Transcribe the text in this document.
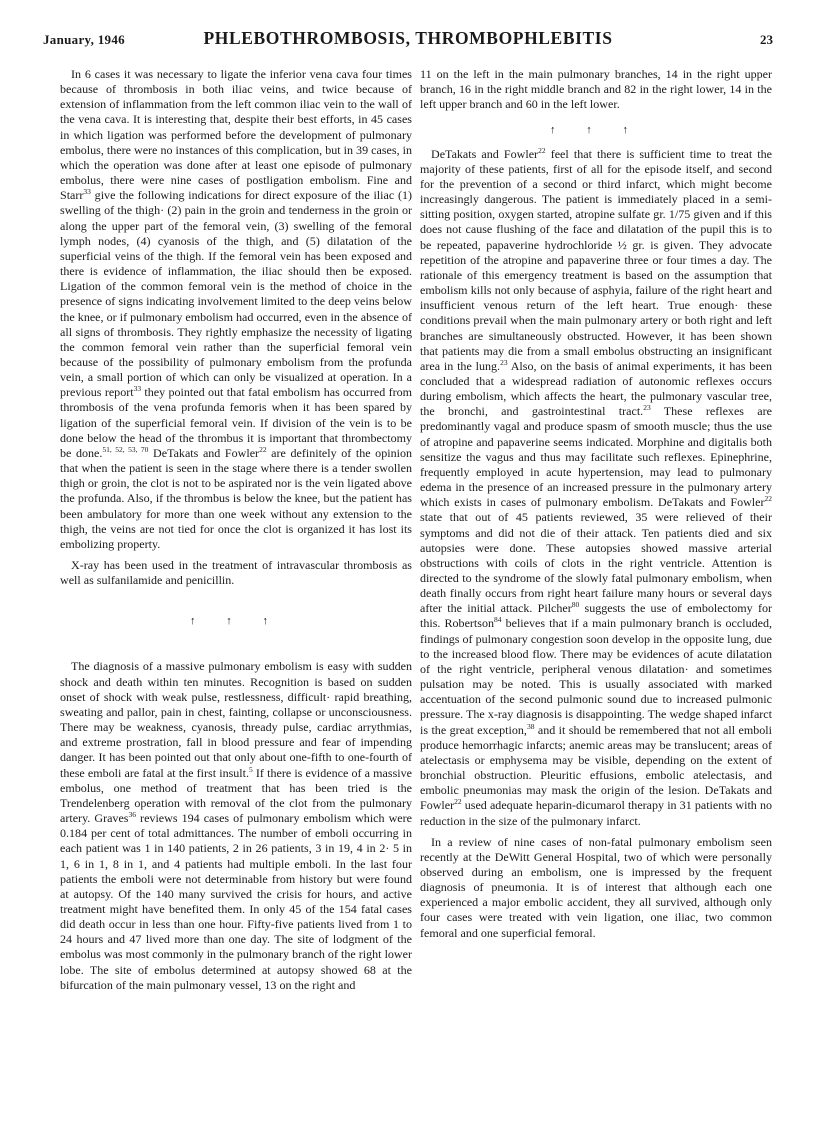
January, 1946	PHLEBOTHROMBOSIS, THROMBOPHLEBITIS	23

In 6 cases it was necessary to ligate the inferior vena cava four times because of thrombosis in both iliac veins, and twice because of extension of inflammation from the left common iliac vein to the wall of the vena cava. It is interesting that, despite their best efforts, in 45 cases in which ligation was performed before the development of pulmonary embolus, there were no instances of this complication, but in 39 cases, in which the operation was done after at least one episode of pulmonary embolus, there were nine cases of postligation embolism. Fine and Starr$^{33}$ give the following indications for direct exposure of the iliac (1) swelling of the thigh· (2) pain in the groin and tenderness in the groin or along the upper part of the femoral vein, (3) swelling of the femoral lymph nodes, (4) cyanosis of the thigh, and (5) dilatation of the superficial veins of the thigh. If the femoral vein has been exposed and there is evidence of inflammation, the iliac should then be exposed. Ligation of the common femoral vein is the method of choice in the presence of signs indicating involvement limited to the deep veins below the knee, or if pulmonary embolism had occurred, even in the absence of all signs of thrombosis. They rightly emphasize the necessity of ligating the common femoral vein rather than the superficial femoral vein because of the possibility of pulmonary embolism from the profunda vein, a small portion of which can only be visualized at operation. In a previous report$^{33}$ they pointed out that fatal embolism has occurred from thrombosis of the vena profunda femoris when it has been spared by ligation of the superficial femoral vein. If division of the vein is to be done below the head of the thrombus it is important that thrombectomy be done.$^{51, 52, 53, 70}$ DeTakats and Fowler$^{22}$ are definitely of the opinion that when the patient is seen in the stage where there is a tender swollen thigh or groin, the clot is not to be aspirated nor is the vein ligated above the profunda. Also, if the thrombus is below the knee, but the patient has been ambulatory for more than one week without any extension to the thigh, the veins are not tied for once the clot is organized it has lost its embolizing property.

X-ray has been used in the treatment of intravascular thrombosis as well as sulfanilamide and penicillin.

↑ ↑ ↑

The diagnosis of a massive pulmonary embolism is easy with sudden shock and death within ten minutes. Recognition is based on sudden onset of shock with weak pulse, restlessness, difficult· rapid breathing, sweating and pallor, pain in chest, fainting, collapse or unconsciousness. There may be weakness, cyanosis, thready pulse, cardiac arrythmias, and extreme prostration, fall in blood pressure and fear of impending danger. It has been pointed out that only about one-fifth to one-fourth of these emboli are fatal at the first insult.$^5$ If there is evidence of a massive embolus, one method of treatment that has been tried is the Trendelenberg operation with removal of the clot from the pulmonary artery. Graves$^{36}$ reviews 194 cases of pulmonary embolism which were 0.184 per cent of total admittances. The number of emboli occurring in each patient was 1 in 140 patients, 2 in 26 patients, 3 in 19, 4 in 2· 5 in 1, 6 in 1, 8 in 1, and 4 patients had multiple emboli. In the last four patients the emboli were not determinable from history but were found at autopsy. Of the 140 many survived the crisis for hours, and active treatment might have benefited them. In only 45 of the 154 fatal cases did death occur in less than one hour. Fifty-five patients lived from 1 to 24 hours and 47 lived more than one day. The site of lodgment of the embolus was most commonly in the pulmonary branch of the right lower lobe. The site of embolus determined at autopsy showed 68 at the bifurcation of the main pulmonary vessel, 13 on the right and

11 on the left in the main pulmonary branches, 14 in the right upper branch, 16 in the right middle branch and 82 in the right lower, 14 in the left upper branch and 60 in the left lower.

↑ ↑ ↑

DeTakats and Fowler$^{22}$ feel that there is sufficient time to treat the majority of these patients, first of all for the episode itself, and second for the prevention of a second or third infarct, which might become increasingly dangerous. The patient is immediately placed in a semi-sitting position, oxygen started, atropine sulfate gr. 1/75 given and if this does not cause flushing of the face and dilatation of the pupil this is to be repeated, papaverine hydrochloride ½ gr. is given. They advocate repetition of the atropine and papaverine three or four times a day. The rationale of this emergency treatment is based on the assumption that embolism kills not only because of asphyia, failure of the right heart and insufficient venous return of the left heart. True enough· these conditions prevail when the main pulmonary artery or both right and left branches are simultaneously obstructed. However, it has been shown that patients may die from a small embolus obstructing an insignificant area in the lung.$^{23}$ Also, on the basis of animal experiments, it has been concluded that a widespread radiation of autonomic reflexes occurs during embolism, which affects the heart, the pulmonary vascular tree, the bronchi, and gastrointestinal tract.$^{23}$ These reflexes are predominantly vagal and produce spasm of smooth muscle; thus the use of atropine and papaverine seems indicated. Morphine and digitalis both sensitize the vagus and thus may facilitate such reflexes. Epinephrine, frequently employed in acute hypertension, may lead to pulmonary edema in the presence of an increased pressure in the pulmonary artery which exists in cases of pulmonary embolism. DeTakats and Fowler$^{22}$ state that out of 45 patients reviewed, 35 were relieved of their symptoms and did not die of their attack. Ten patients died and six autopsies were done. These autopsies showed massive arterial obstructions with coils of clots in the right ventricle. Attention is directed to the syndrome of the slowly fatal pulmonary embolism, when death finally occurs from right heart failure many hours or several days after the initial attack. Pilcher$^{80}$ suggests the use of embolectomy for this. Robertson$^{84}$ believes that if a main pulmonary branch is occluded, findings of pulmonary congestion soon develop in the opposite lung, due to the increased blood flow. There may be evidences of acute dilatation of the right ventricle, peripheral venous dilatation· and sometimes pulsation may be noted. This is usually associated with marked accentuation of the second pulmonic sound due to increased pulmonic pressure. The x-ray diagnosis is disappointing. The wedge shaped infarct is the great exception,$^{38}$ and it should be remembered that not all emboli produce hemorrhagic infarcts; anemic areas may be translucent; areas of atelectasis or emphysema may be visible, depending on the extent of bronchial obstruction. Pleuritic effusions, embolic atelectasis, and embolic pneumonias may mask the origin of the lesion. DeTakats and Fowler$^{22}$ used adequate heparin-dicumarol therapy in 31 patients with no reduction in the size of the pulmonary infarct.

In a review of nine cases of non-fatal pulmonary embolism seen recently at the DeWitt General Hospital, two of which were personally observed during an embolism, one is impressed by the frequent diagnosis of pneumonia. It is of interest that although each one experienced a major embolic accident, they all survived, although only four cases were treated with vein ligation, one iliac, two common femoral and one superficial femoral.
